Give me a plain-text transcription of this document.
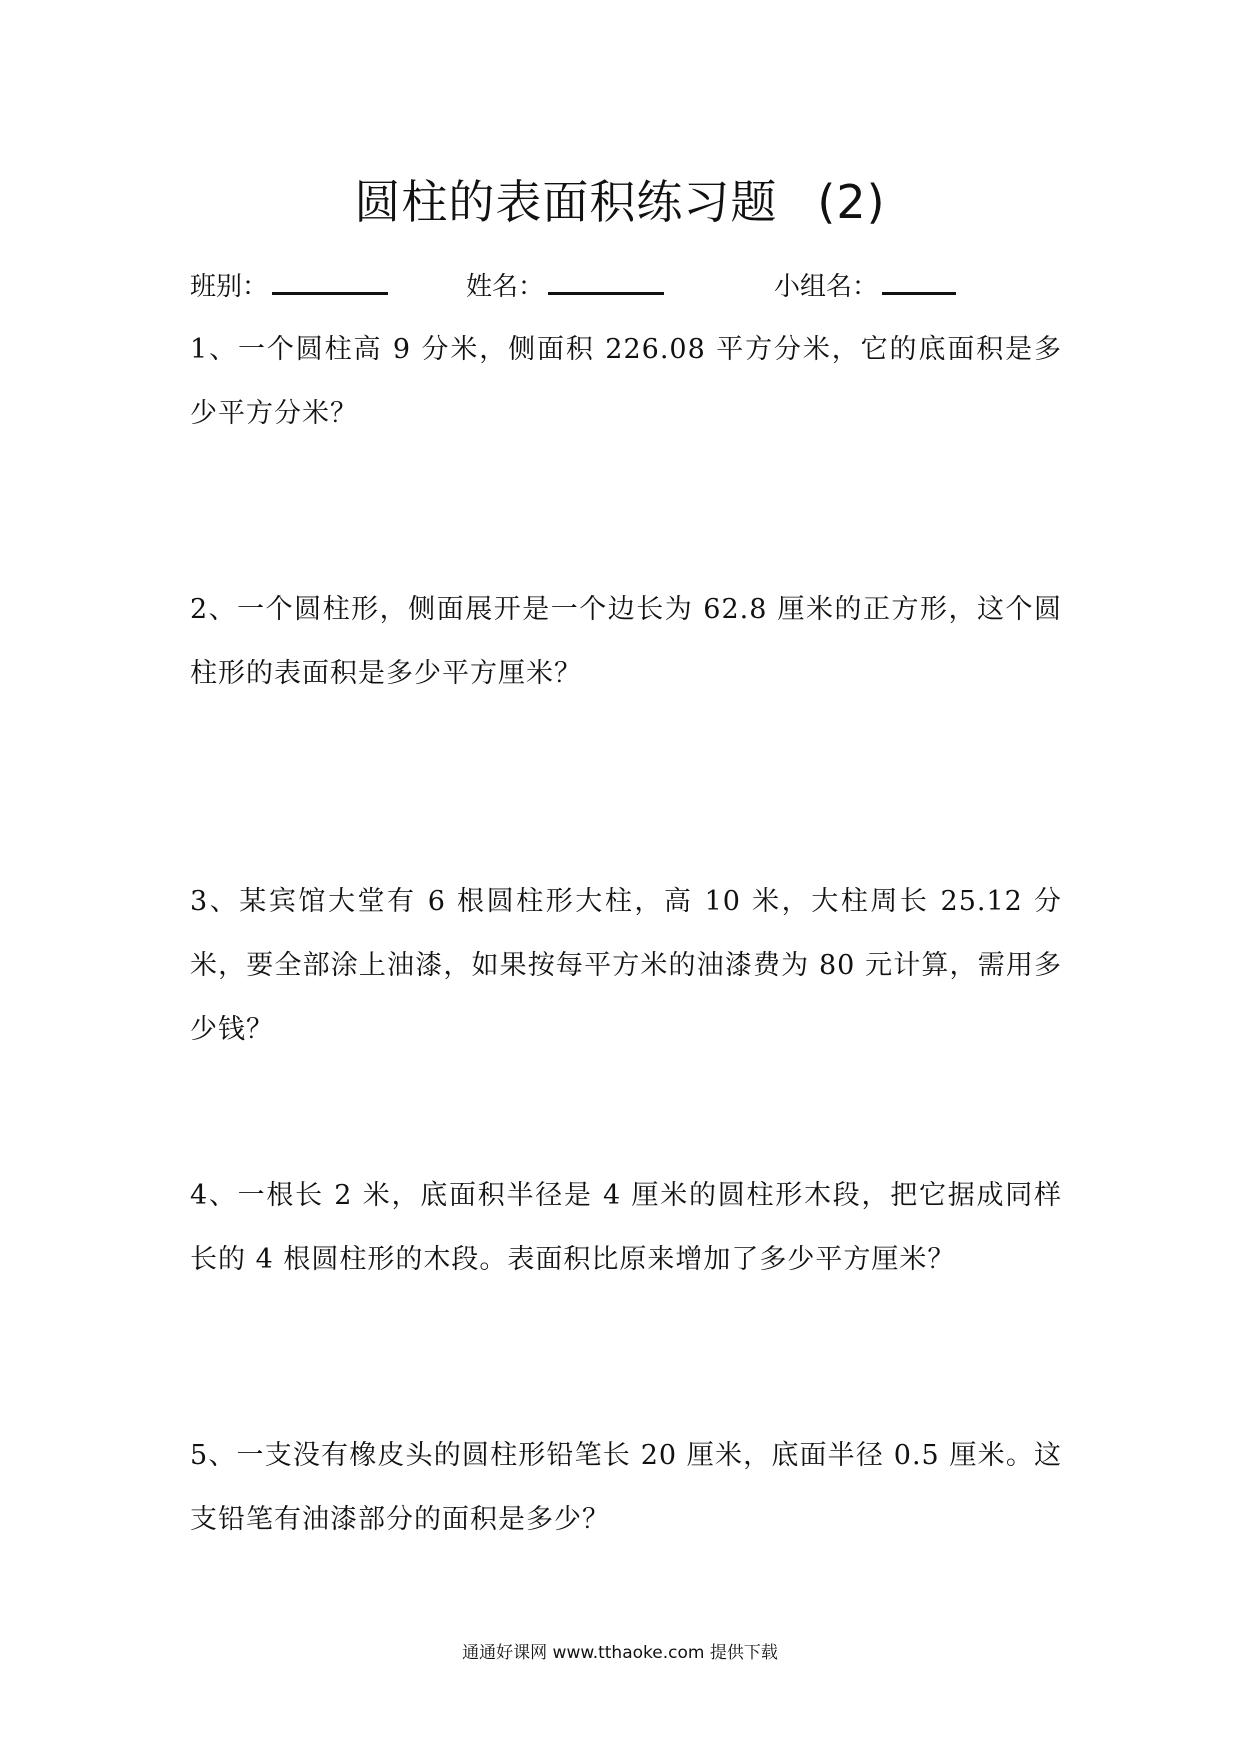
圆柱的表面积练习题 (2)
班别：	姓名：	小组名：
1、一个圆柱高 9 分米，侧面积 226.08 平方分米，它的底面积是多少平方分米？
2、一个圆柱形，侧面展开是一个边长为 62.8 厘米的正方形，这个圆柱形的表面积是多少平方厘米？
3、某宾馆大堂有 6 根圆柱形大柱，高 10 米，大柱周长 25.12 分米，要全部涂上油漆，如果按每平方米的油漆费为 80 元计算，需用多少钱？
4、一根长 2 米，底面积半径是 4 厘米的圆柱形木段，把它据成同样长的 4 根圆柱形的木段。表面积比原来增加了多少平方厘米？
5、一支没有橡皮头的圆柱形铅笔长 20 厘米，底面半径 0.5 厘米。这支铅笔有油漆部分的面积是多少？
通通好课网 www.tthaoke.com 提供下载
